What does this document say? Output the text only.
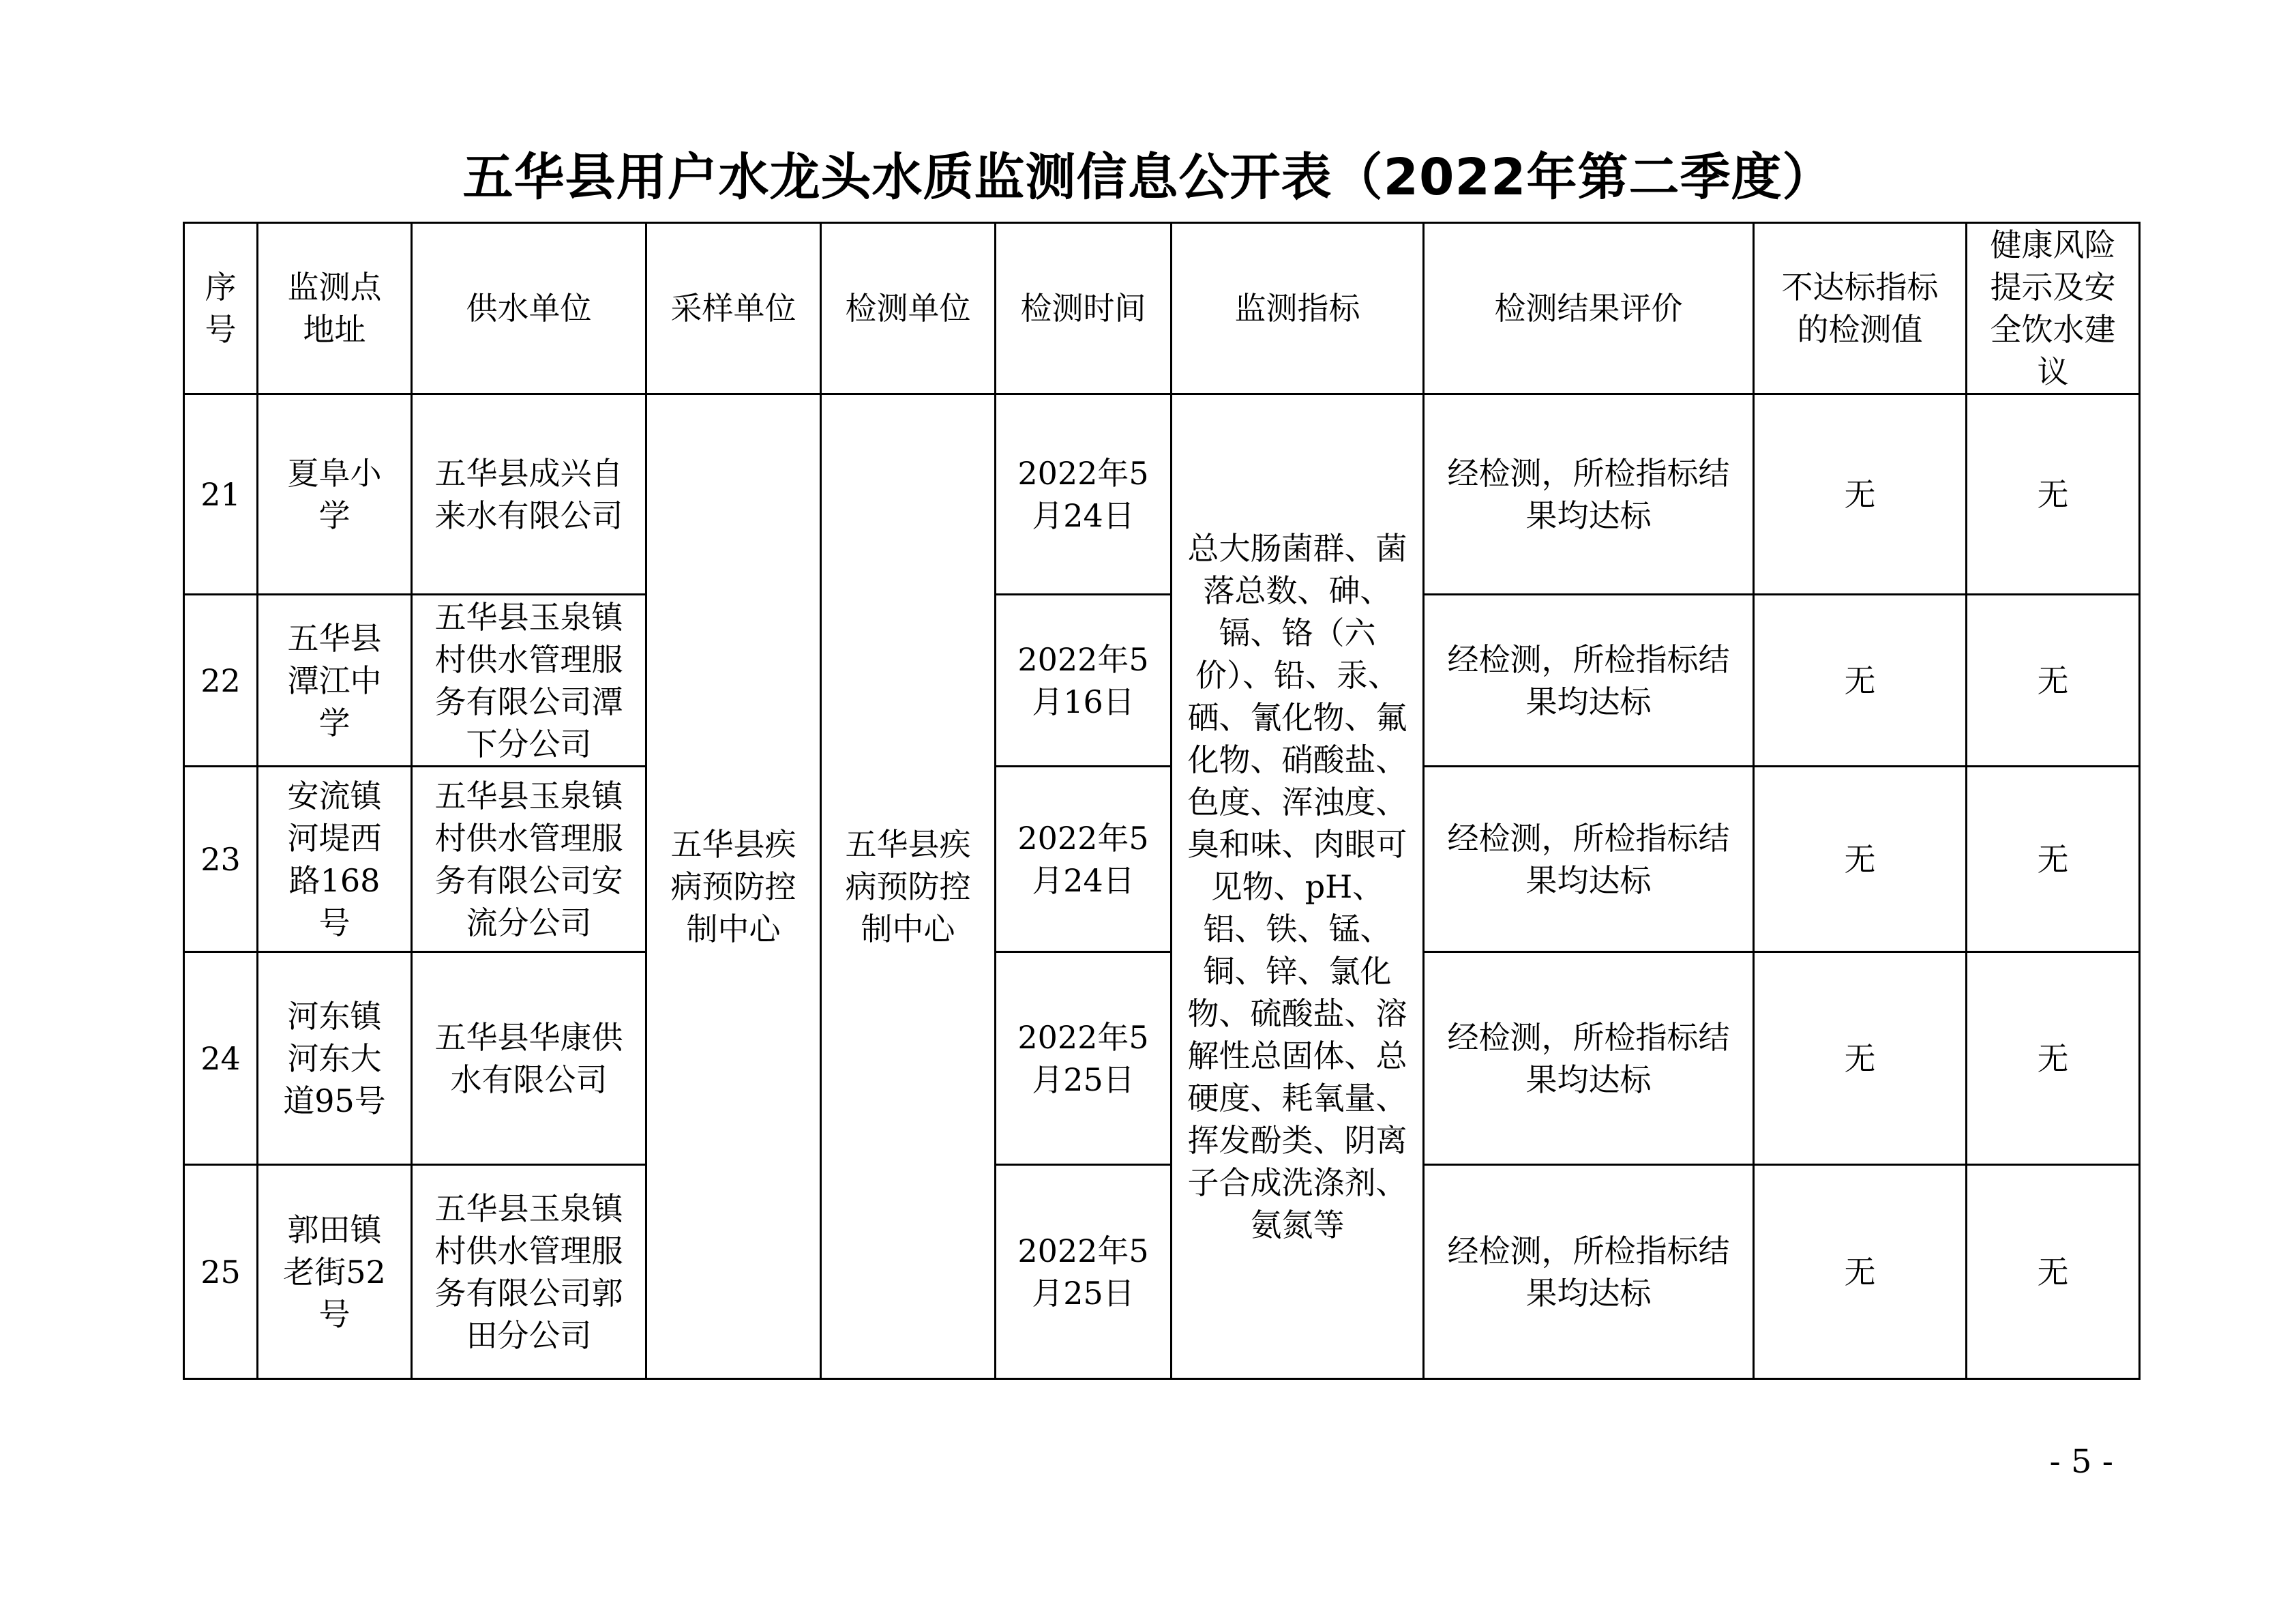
五华县用户水龙头水质监测信息公开表（2022年第二季度）
序号	监测点地址	供水单位	采样单位	检测单位	检测时间	监测指标	检测结果评价	不达标指标的检测值	健康风险提示及安全饮水建议
21	夏阜小学	五华县成兴自来水有限公司	五华县疾病预防控制中心	五华县疾病预防控制中心	2022年5月24日	总大肠菌群、菌落总数、砷、镉、铬（六价）、铅、汞、硒、氰化物、氟化物、硝酸盐、色度、浑浊度、臭和味、肉眼可见物、pH、铝、铁、锰、铜、锌、氯化物、硫酸盐、溶解性总固体、总硬度、耗氧量、挥发酚类、阴离子合成洗涤剂、氨氮等	经检测，所检指标结果均达标	无	无
22	五华县潭江中学	五华县玉泉镇村供水管理服务有限公司潭下分公司			2022年5月16日		经检测，所检指标结果均达标	无	无
23	安流镇河堤西路168号	五华县玉泉镇村供水管理服务有限公司安流分公司			2022年5月24日		经检测，所检指标结果均达标	无	无
24	河东镇河东大道95号	五华县华康供水有限公司			2022年5月25日		经检测，所检指标结果均达标	无	无
25	郭田镇老街52号	五华县玉泉镇村供水管理服务有限公司郭田分公司			2022年5月25日		经检测，所检指标结果均达标	无	无
- 5 -
